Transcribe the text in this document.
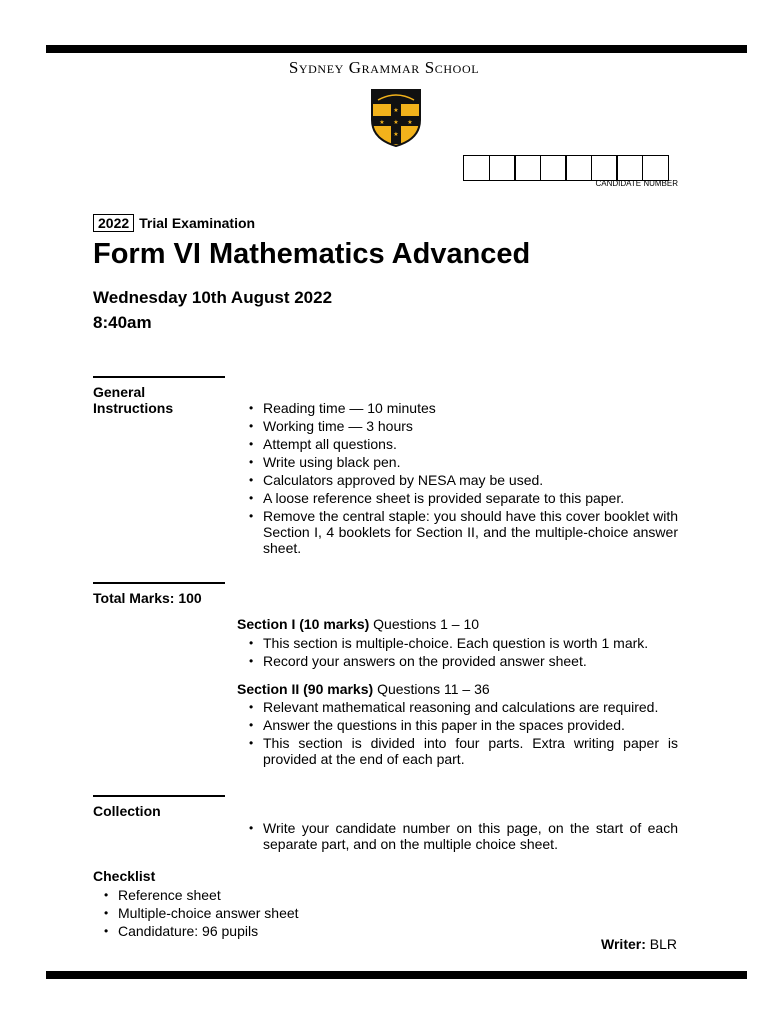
Sydney Grammar School
★
★ ★ ★
★
CANDIDATE NUMBER
2022 Trial Examination
Form VI Mathematics Advanced
Wednesday 10th August 2022
8:40am
General
Instructions
•	Reading time — 10 minutes
• Working time — 3 hours
• Attempt all questions.
• Write using black pen.
• Calculators approved by NESA may be used.
• A loose reference sheet is provided separate to this paper.
• Remove the central staple: you should have this cover booklet with Section I, 4 booklets for Section II, and the multiple-choice answer sheet.
Total Marks: 100
Section I (10 marks) Questions 1 – 10
• This section is multiple-choice. Each question is worth 1 mark.
• Record your answers on the provided answer sheet.
Section II (90 marks) Questions 11 – 36
• Relevant mathematical reasoning and calculations are required.
• Answer the questions in this paper in the spaces provided.
• This section is divided into four parts. Extra writing paper is provided at the end of each part.
Collection
• Write your candidate number on this page, on the start of each separate part, and on the multiple choice sheet.
Checklist
• Reference sheet
• Multiple-choice answer sheet
• Candidature: 96 pupils
Writer: BLR
